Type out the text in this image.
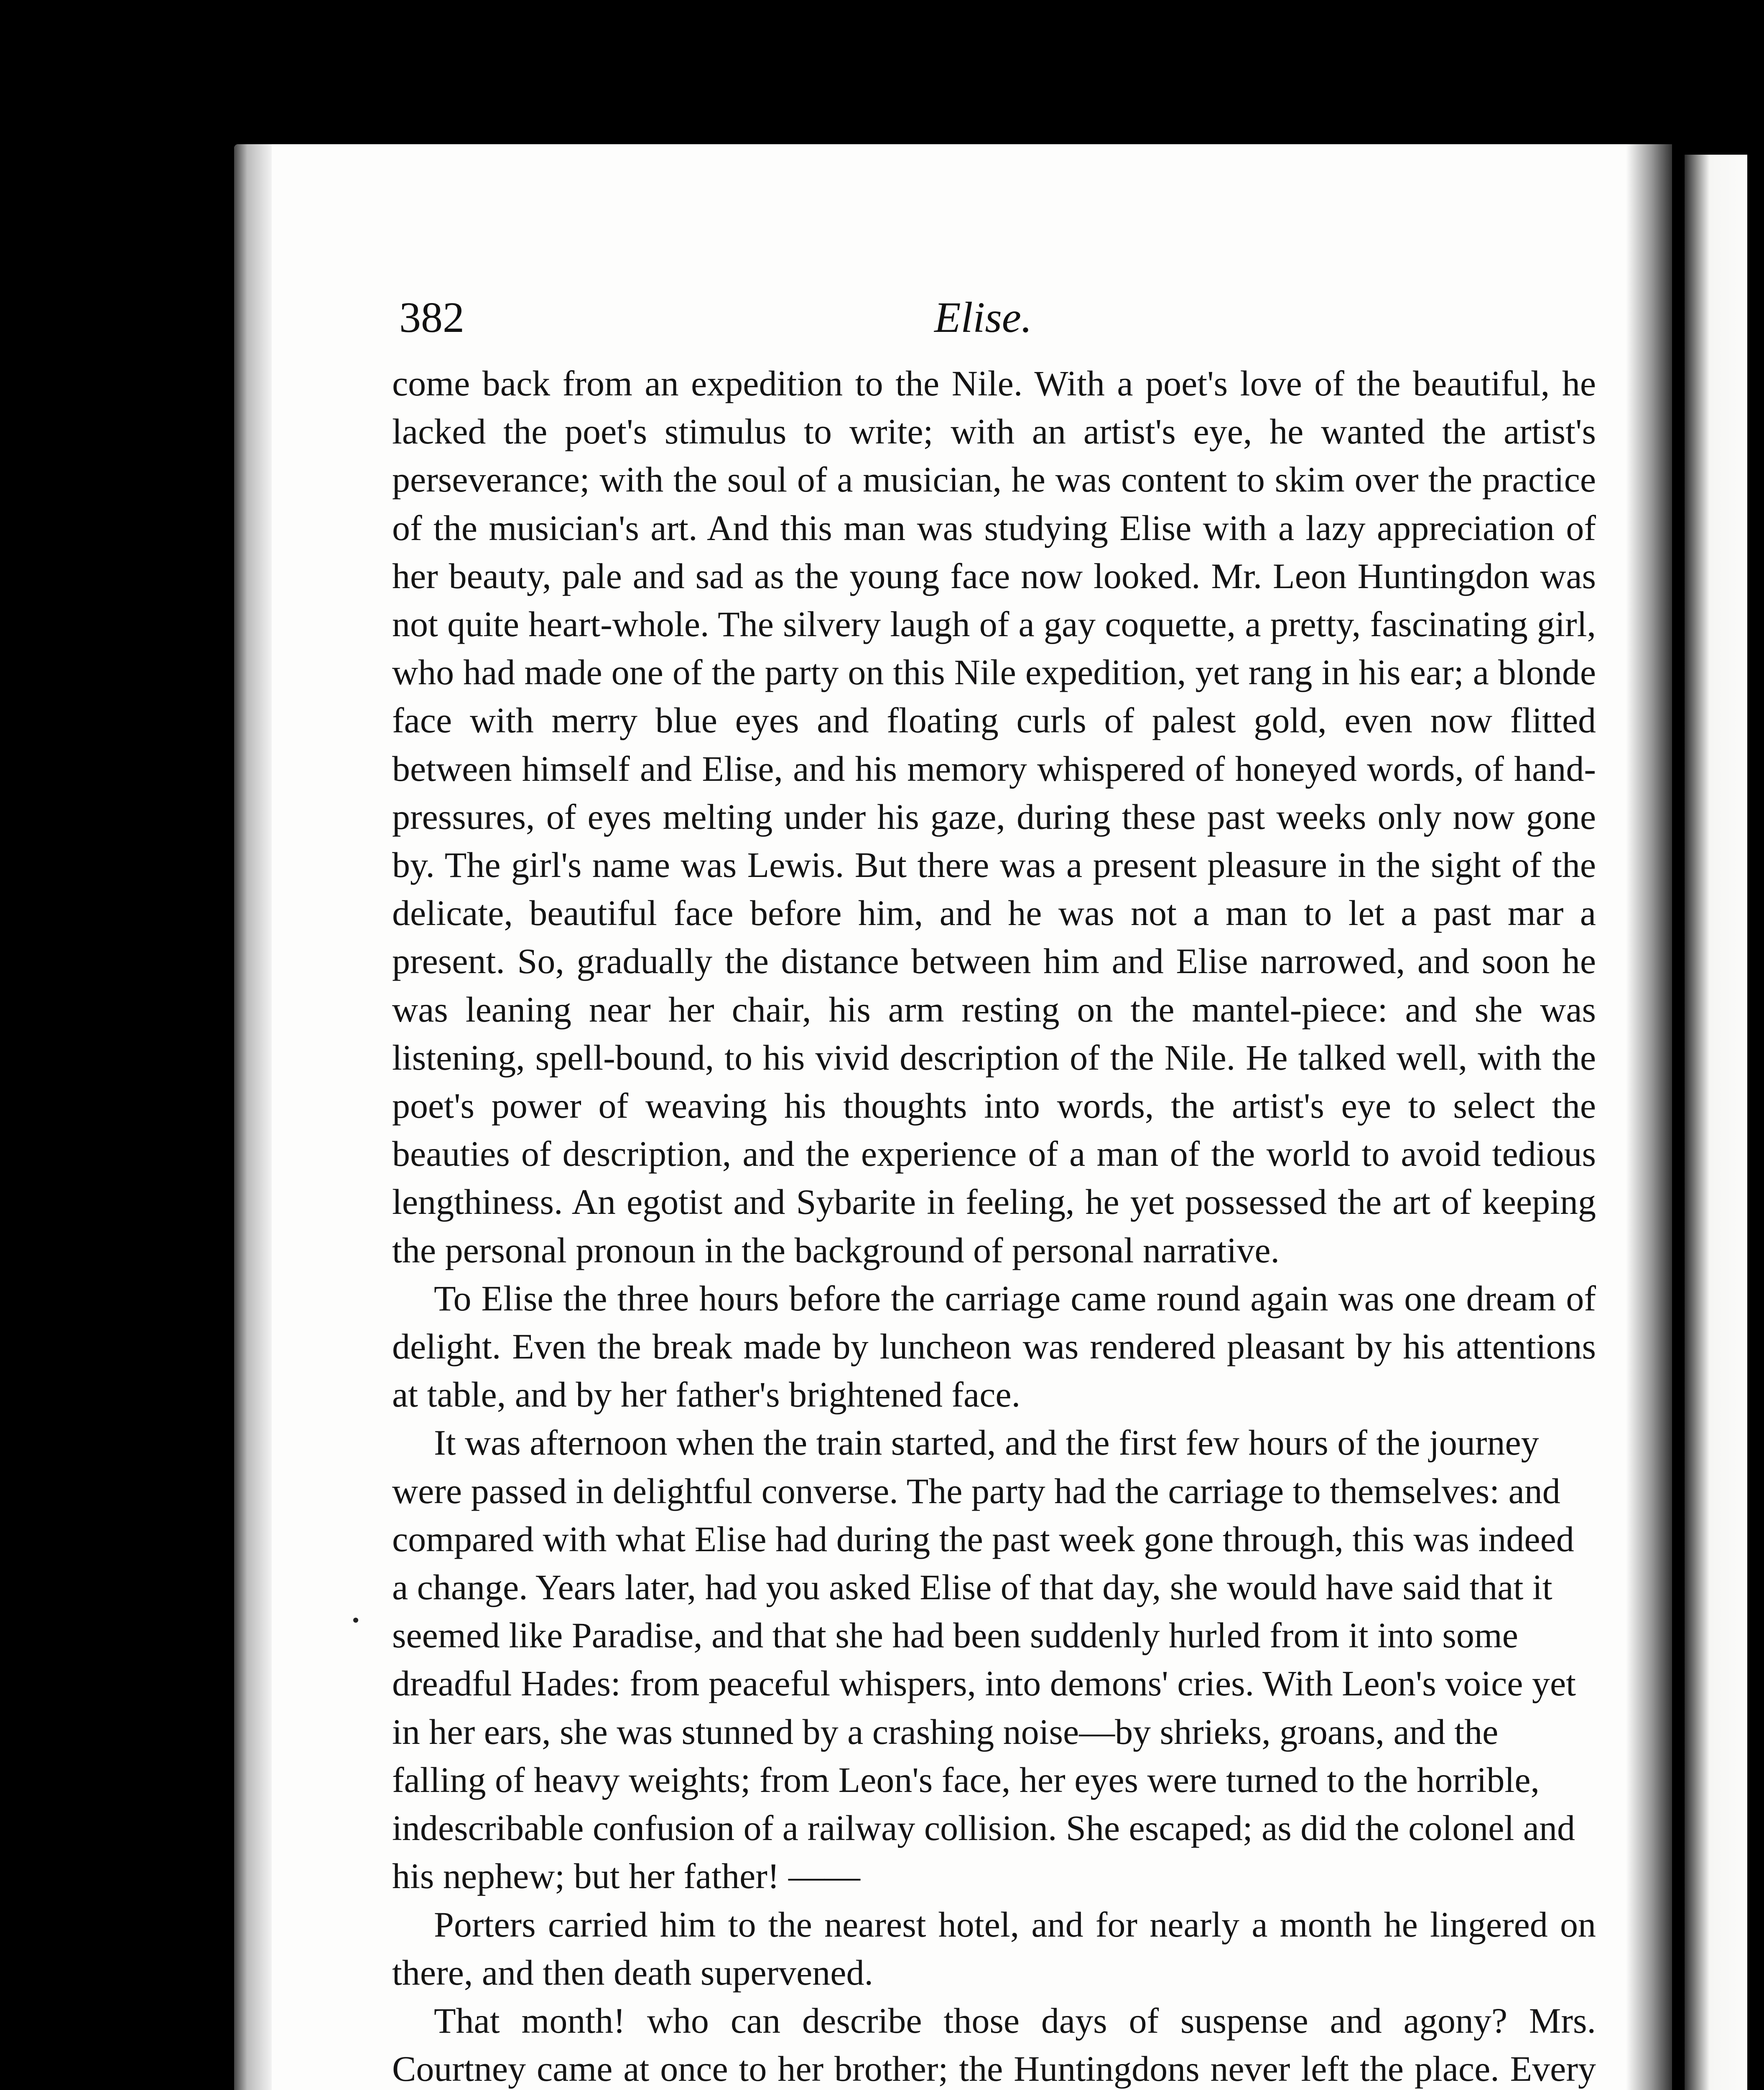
382	Elise.

come back from an expedition to the Nile. With a poet's love of the beautiful, he lacked the poet's stimulus to write; with an artist's eye, he wanted the artist's perseverance; with the soul of a musician, he was content to skim over the practice of the musician's art. And this man was studying Elise with a lazy appreciation of her beauty, pale and sad as the young face now looked. Mr. Leon Huntingdon was not quite heart-whole. The silvery laugh of a gay coquette, a pretty, fascinating girl, who had made one of the party on this Nile expedition, yet rang in his ear; a blonde face with merry blue eyes and floating curls of palest gold, even now flitted between himself and Elise, and his memory whispered of honeyed words, of hand-pressures, of eyes melting under his gaze, during these past weeks only now gone by. The girl's name was Lewis. But there was a present pleasure in the sight of the delicate, beautiful face before him, and he was not a man to let a past mar a present. So, gradually the distance between him and Elise narrowed, and soon he was leaning near her chair, his arm resting on the mantel-piece: and she was listening, spell-bound, to his vivid description of the Nile. He talked well, with the poet's power of weaving his thoughts into words, the artist's eye to select the beauties of description, and the experience of a man of the world to avoid tedious lengthiness. An egotist and Sybarite in feeling, he yet possessed the art of keeping the personal pronoun in the background of personal narrative.

To Elise the three hours before the carriage came round again was one dream of delight. Even the break made by luncheon was rendered pleasant by his attentions at table, and by her father's brightened face.

It was afternoon when the train started, and the first few hours of the journey were passed in delightful converse. The party had the carriage to themselves: and compared with what Elise had during the past week gone through, this was indeed a change. Years later, had you asked Elise of that day, she would have said that it seemed like Paradise, and that she had been suddenly hurled from it into some dreadful Hades: from peaceful whispers, into demons' cries. With Leon's voice yet in her ears, she was stunned by a crashing noise—by shrieks, groans, and the falling of heavy weights; from Leon's face, her eyes were turned to the horrible, indescribable confusion of a railway collision. She escaped; as did the colonel and his nephew; but her father! ——

Porters carried him to the nearest hotel, and for nearly a month he lingered on there, and then death supervened.

That month! who can describe those days of suspense and agony? Mrs. Courtney came at once to her brother; the Huntingdons never left the place. Every
